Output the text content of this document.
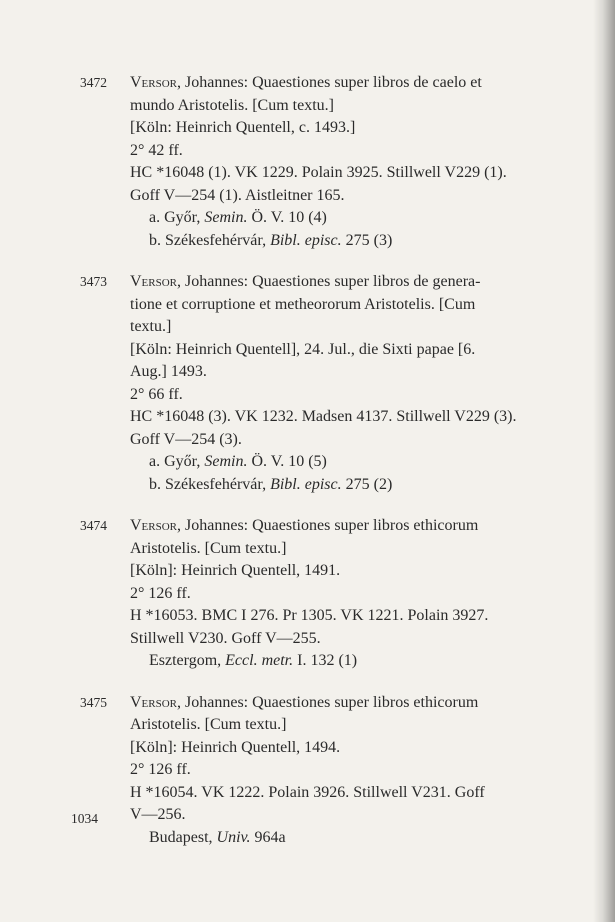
3472 Versor, Johannes: Quaestiones super libros de caelo et
mundo Aristotelis. [Cum textu.]
[Köln: Heinrich Quentell, c. 1493.]
2° 42 ff.
HC *16048 (1). VK 1229. Polain 3925. Stillwell V229 (1).
Goff V—254 (1). Aistleitner 165.
a. Győr, Semin. Ö. V. 10 (4)
b. Székesfehérvár, Bibl. episc. 275 (3)
3473 Versor, Johannes: Quaestiones super libros de genera-
tione et corruptione et metheororum Aristotelis. [Cum
textu.]
[Köln: Heinrich Quentell], 24. Jul., die Sixti papae [6.
Aug.] 1493.
2° 66 ff.
HC *16048 (3). VK 1232. Madsen 4137. Stillwell V229 (3).
Goff V—254 (3).
a. Győr, Semin. Ö. V. 10 (5)
b. Székesfehérvár, Bibl. episc. 275 (2)
3474 Versor, Johannes: Quaestiones super libros ethicorum
Aristotelis. [Cum textu.]
[Köln]: Heinrich Quentell, 1491.
2° 126 ff.
H *16053. BMC I 276. Pr 1305. VK 1221. Polain 3927.
Stillwell V230. Goff V—255.
Esztergom, Eccl. metr. I. 132 (1)
3475 Versor, Johannes: Quaestiones super libros ethicorum
Aristotelis. [Cum textu.]
[Köln]: Heinrich Quentell, 1494.
2° 126 ff.
H *16054. VK 1222. Polain 3926. Stillwell V231. Goff
V—256.
Budapest, Univ. 964a
1034
